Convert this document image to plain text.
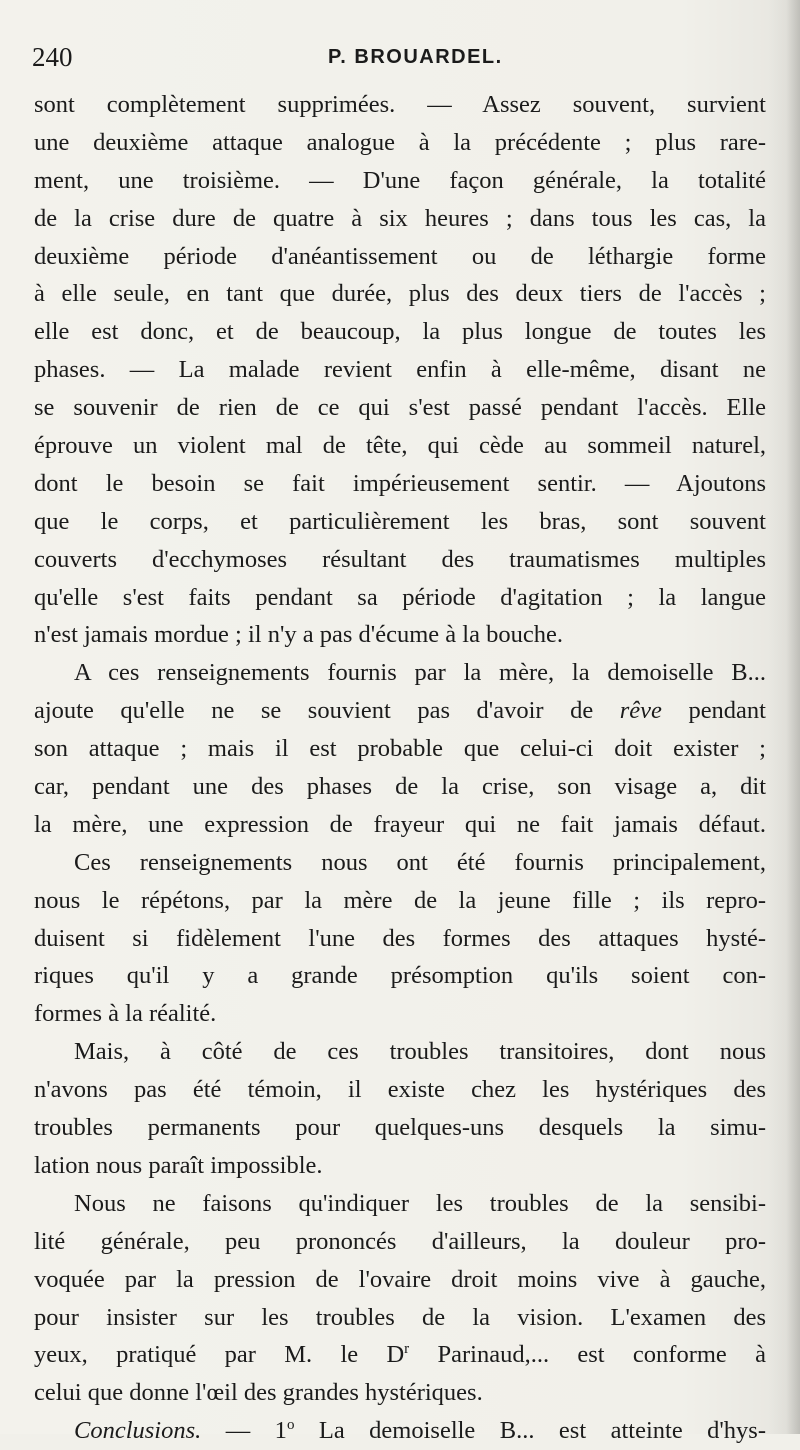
240	P. BROUARDEL.
sont complètement supprimées. — Assez souvent, survient
une deuxième attaque analogue à la précédente ; plus rare-
ment, une troisième. — D'une façon générale, la totalité
de la crise dure de quatre à six heures ; dans tous les cas, la
deuxième période d'anéantissement ou de léthargie forme
à elle seule, en tant que durée, plus des deux tiers de l'accès ;
elle est donc, et de beaucoup, la plus longue de toutes les
phases. — La malade revient enfin à elle-même, disant ne
se souvenir de rien de ce qui s'est passé pendant l'accès. Elle
éprouve un violent mal de tête, qui cède au sommeil naturel,
dont le besoin se fait impérieusement sentir. — Ajoutons
que le corps, et particulièrement les bras, sont souvent
couverts d'ecchymoses résultant des traumatismes multiples
qu'elle s'est faits pendant sa période d'agitation ; la langue
n'est jamais mordue ; il n'y a pas d'écume à la bouche.
A ces renseignements fournis par la mère, la demoiselle B...
ajoute qu'elle ne se souvient pas d'avoir de rêve pendant
son attaque ; mais il est probable que celui-ci doit exister ;
car, pendant une des phases de la crise, son visage a, dit
la mère, une expression de frayeur qui ne fait jamais défaut.
Ces renseignements nous ont été fournis principalement,
nous le répétons, par la mère de la jeune fille ; ils repro-
duisent si fidèlement l'une des formes des attaques hysté-
riques qu'il y a grande présomption qu'ils soient con-
formes à la réalité.
Mais, à côté de ces troubles transitoires, dont nous
n'avons pas été témoin, il existe chez les hystériques des
troubles permanents pour quelques-uns desquels la simu-
lation nous paraît impossible.
Nous ne faisons qu'indiquer les troubles de la sensibi-
lité générale, peu prononcés d'ailleurs, la douleur pro-
voquée par la pression de l'ovaire droit moins vive à gauche,
pour insister sur les troubles de la vision. L'examen des
yeux, pratiqué par M. le $D^r$ Parinaud,... est conforme à
celui que donne l'œil des grandes hystériques.
Conclusions. — 1$^o$ La demoiselle B... est atteinte d'hys-
